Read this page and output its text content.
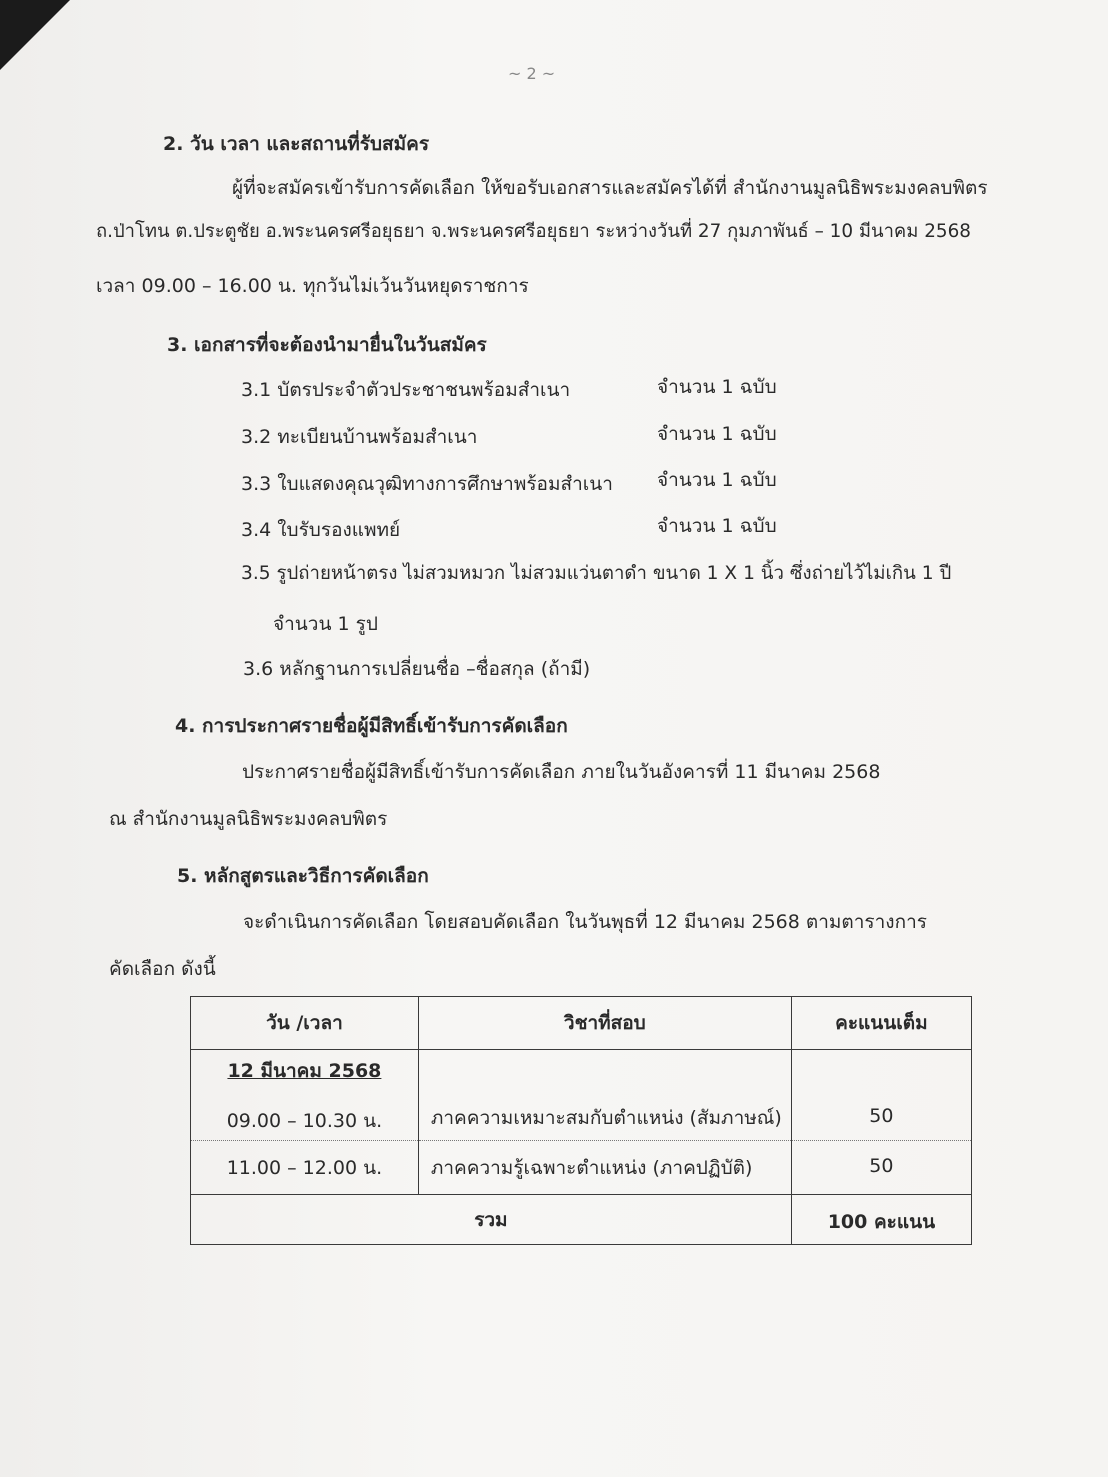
~ 2 ~
2. วัน เวลา และสถานที่รับสมัคร
ผู้ที่จะสมัครเข้ารับการคัดเลือก ให้ขอรับเอกสารและสมัครได้ที่ สำนักงานมูลนิธิพระมงคลบพิตร
ถ.ป่าโทน ต.ประตูชัย อ.พระนครศรีอยุธยา จ.พระนครศรีอยุธยา ระหว่างวันที่ 27 กุมภาพันธ์ – 10 มีนาคม 2568
เวลา 09.00 – 16.00 น. ทุกวันไม่เว้นวันหยุดราชการ
3. เอกสารที่จะต้องนำมายื่นในวันสมัคร
3.1 บัตรประจำตัวประชาชนพร้อมสำเนา	จำนวน 1 ฉบับ
3.2 ทะเบียนบ้านพร้อมสำเนา	จำนวน 1 ฉบับ
3.3 ใบแสดงคุณวุฒิทางการศึกษาพร้อมสำเนา จำนวน 1 ฉบับ
3.4 ใบรับรองแพทย์	จำนวน 1 ฉบับ
3.5 รูปถ่ายหน้าตรง ไม่สวมหมวก ไม่สวมแว่นตาดำ ขนาด 1 X 1 นิ้ว ซึ่งถ่ายไว้ไม่เกิน 1 ปี
จำนวน 1 รูป
3.6 หลักฐานการเปลี่ยนชื่อ –ชื่อสกุล (ถ้ามี)
4. การประกาศรายชื่อผู้มีสิทธิ์เข้ารับการคัดเลือก
ประกาศรายชื่อผู้มีสิทธิ์เข้ารับการคัดเลือก ภายในวันอังคารที่ 11 มีนาคม 2568
ณ สำนักงานมูลนิธิพระมงคลบพิตร
5. หลักสูตรและวิธีการคัดเลือก
จะดำเนินการคัดเลือก โดยสอบคัดเลือก ในวันพุธที่ 12 มีนาคม 2568 ตามตารางการ
คัดเลือก ดังนี้
วัน /เวลา	วิชาที่สอบ	คะแนนเต็ม

12 มีนาคม 2568
09.00 – 10.30 น.	ภาคความเหมาะสมกับตำแหน่ง (สัมภาษณ์)	50

11.00 – 12.00 น.	ภาคความรู้เฉพาะตำแหน่ง (ภาคปฏิบัติ)	50

รวม		100 คะแนน
